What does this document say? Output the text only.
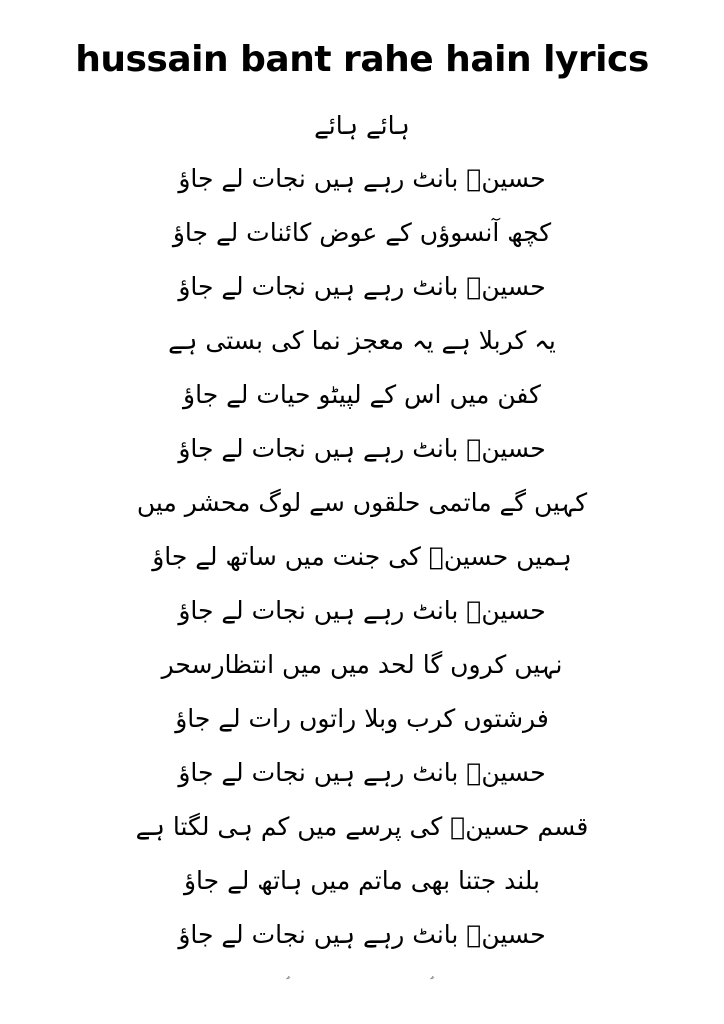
hussain bant rahe hain lyrics
ہائے ہائے
حسینؑ بانٹ رہے ہیں نجات لے جاؤ
کچھ آنسوؤں کے عوض کائنات لے جاؤ
حسینؑ بانٹ رہے ہیں نجات لے جاؤ
یہ کربلا ہے یہ معجز نما کی بستی ہے
کفن میں اس کے لپیٹو حیات لے جاؤ
حسینؑ بانٹ رہے ہیں نجات لے جاؤ
کہیں گے ماتمی حلقوں سے لوگ محشر میں
ہمیں حسینؑ کی جنت میں ساتھ لے جاؤ
حسینؑ بانٹ رہے ہیں نجات لے جاؤ
نہیں کروں گا لحد میں میں انتظارسحر
فرشتوں کرب وبلا راتوں رات لے جاؤ
حسینؑ بانٹ رہے ہیں نجات لے جاؤ
قسم حسینؑ کی پرسے میں کم ہی لگتا ہے
بلند جتنا بھی ماتم میں ہاتھ لے جاؤ
حسینؑ بانٹ رہے ہیں نجات لے جاؤ
